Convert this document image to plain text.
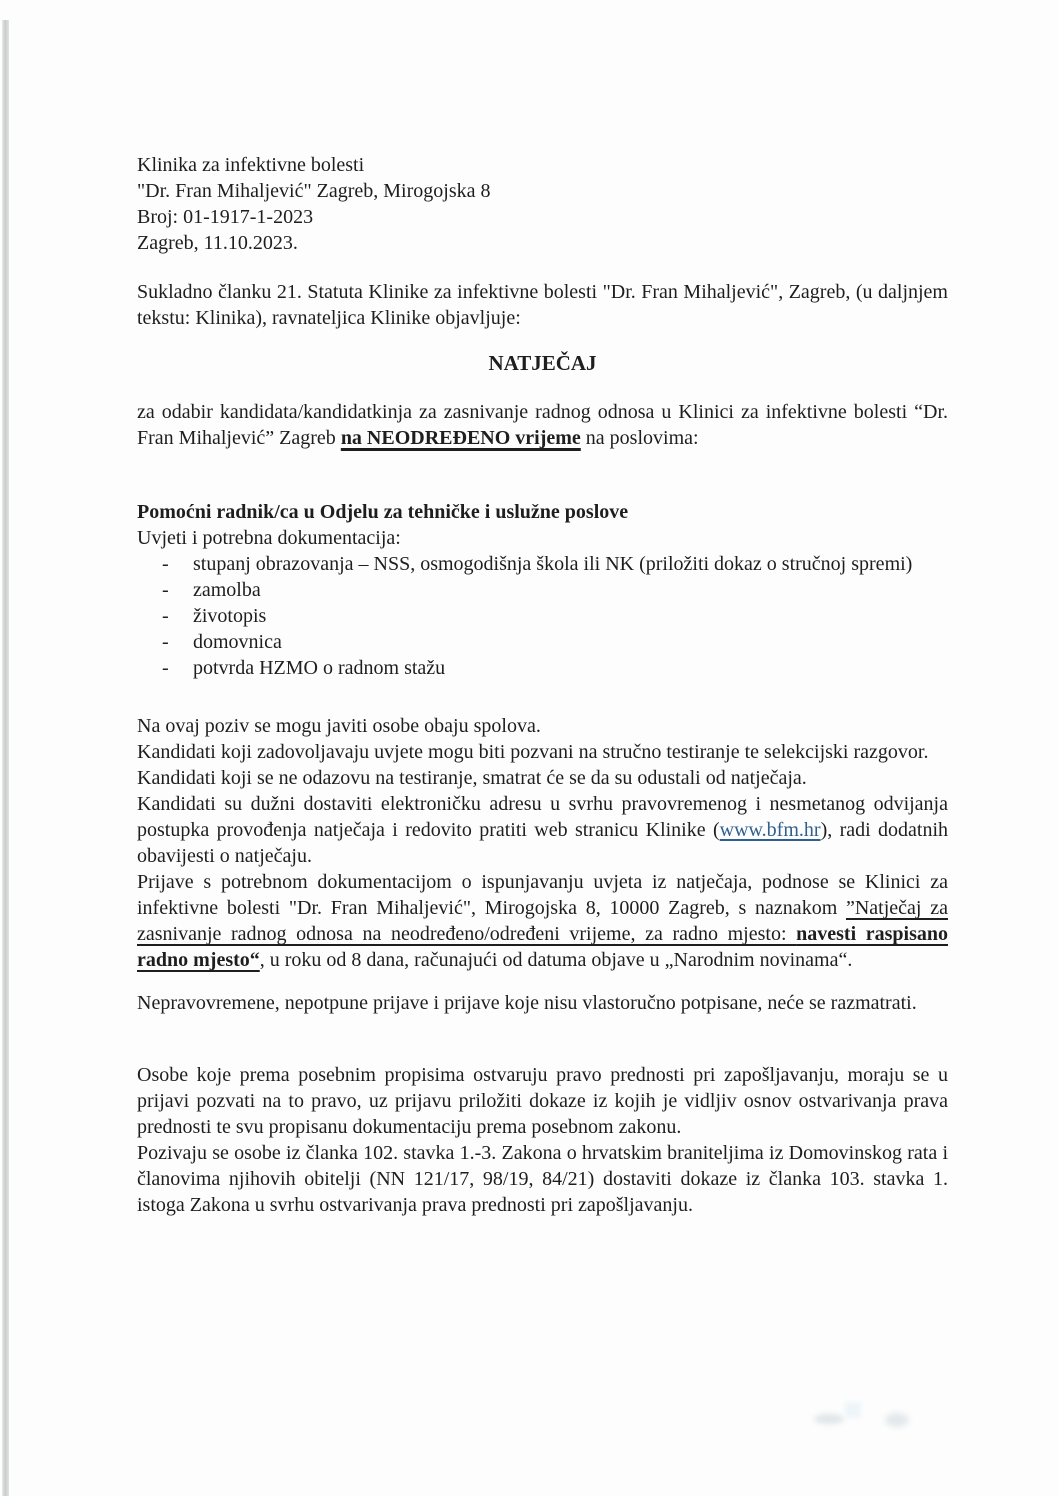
Klinika za infektivne bolesti
"Dr. Fran Mihaljević" Zagreb, Mirogojska 8
Broj: 01-1917-1-2023
Zagreb, 11.10.2023.

Sukladno članku 21. Statuta Klinike za infektivne bolesti "Dr. Fran Mihaljević", Zagreb, (u daljnjem tekstu: Klinika), ravnateljica Klinike objavljuje:

NATJEČAJ

za odabir kandidata/kandidatkinja za zasnivanje radnog odnosa u Klinici za infektivne bolesti “Dr. Fran Mihaljević” Zagreb na NEODREĐENO vrijeme na poslovima:

Pomoćni radnik/ca u Odjelu za tehničke i uslužne poslove
Uvjeti i potrebna dokumentacija:
-	stupanj obrazovanja – NSS, osmogodišnja škola ili NK (priložiti dokaz o stručnoj spremi)
-	zamolba
-	životopis
-	domovnica
-	potvrda HZMO o radnom stažu

Na ovaj poziv se mogu javiti osobe obaju spolova.

Kandidati koji zadovoljavaju uvjete mogu biti pozvani na stručno testiranje te selekcijski razgovor.

Kandidati koji se ne odazovu na testiranje, smatrat će se da su odustali od natječaja.

Kandidati su dužni dostaviti elektroničku adresu u svrhu pravovremenog i nesmetanog odvijanja postupka provođenja natječaja i redovito pratiti web stranicu Klinike (www.bfm.hr), radi dodatnih obavijesti o natječaju.

Prijave s potrebnom dokumentacijom o ispunjavanju uvjeta iz natječaja, podnose se Klinici za infektivne bolesti "Dr. Fran Mihaljević", Mirogojska 8, 10000 Zagreb, s naznakom ”Natječaj za zasnivanje radnog odnosa na neodređeno/određeni vrijeme, za radno mjesto: navesti raspisano radno mjesto“, u roku od 8 dana, računajući od datuma objave u „Narodnim novinama“.

Nepravovremene, nepotpune prijave i prijave koje nisu vlastoručno potpisane, neće se razmatrati.

Osobe koje prema posebnim propisima ostvaruju pravo prednosti pri zapošljavanju, moraju se u prijavi pozvati na to pravo, uz prijavu priložiti dokaze iz kojih je vidljiv osnov ostvarivanja prava prednosti te svu propisanu dokumentaciju prema posebnom zakonu.

Pozivaju se osobe iz članka 102. stavka 1.-3. Zakona o hrvatskim braniteljima iz Domovinskog rata i članovima njihovih obitelji (NN 121/17, 98/19, 84/21) dostaviti dokaze iz članka 103. stavka 1. istoga Zakona u svrhu ostvarivanja prava prednosti pri zapošljavanju.
